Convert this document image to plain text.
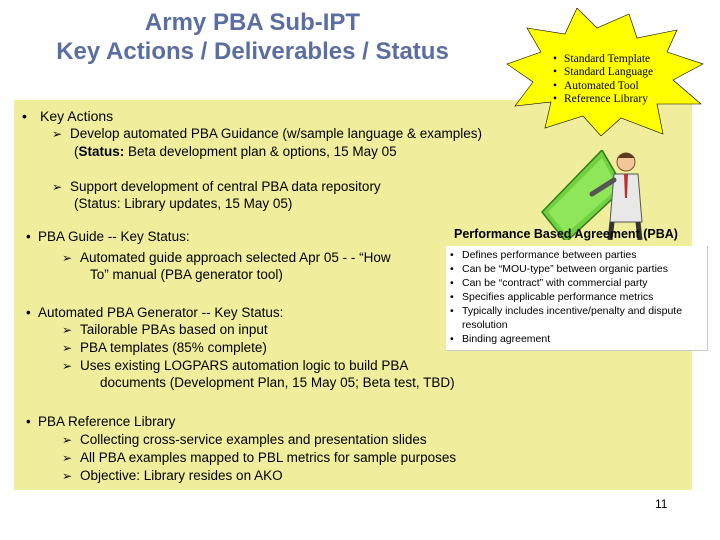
Army PBA Sub-IPT
Key Actions / Deliverables / Status
•	Standard Template
• Standard Language
• Automated Tool
• Reference Library
• Key Actions
➢ Develop automated PBA Guidance (w/sample language & examples)
(Status: Beta development plan & options, 15 May 05
➢ Support development of central PBA data repository
(Status: Library updates, 15 May 05)
• PBA Guide -- Key Status:
➢ Automated guide approach selected Apr 05 - - “How
To” manual (PBA generator tool)
• Automated PBA Generator -- Key Status:
➢ Tailorable PBAs based on input
➢ PBA templates (85% complete)
➢ Uses existing LOGPARS automation logic to build PBA
documents (Development Plan, 15 May 05; Beta test, TBD)
Performance Based Agreement (PBA)
• Defines performance between parties
• Can be “MOU-type” between organic parties
• Can be “contract” with commercial party
• Specifies applicable performance metrics
• Typically includes incentive/penalty and dispute resolution
• Binding agreement
• PBA Reference Library
➢ Collecting cross-service examples and presentation slides
➢ All PBA examples mapped to PBL metrics for sample purposes
➢ Objective: Library resides on AKO
11
